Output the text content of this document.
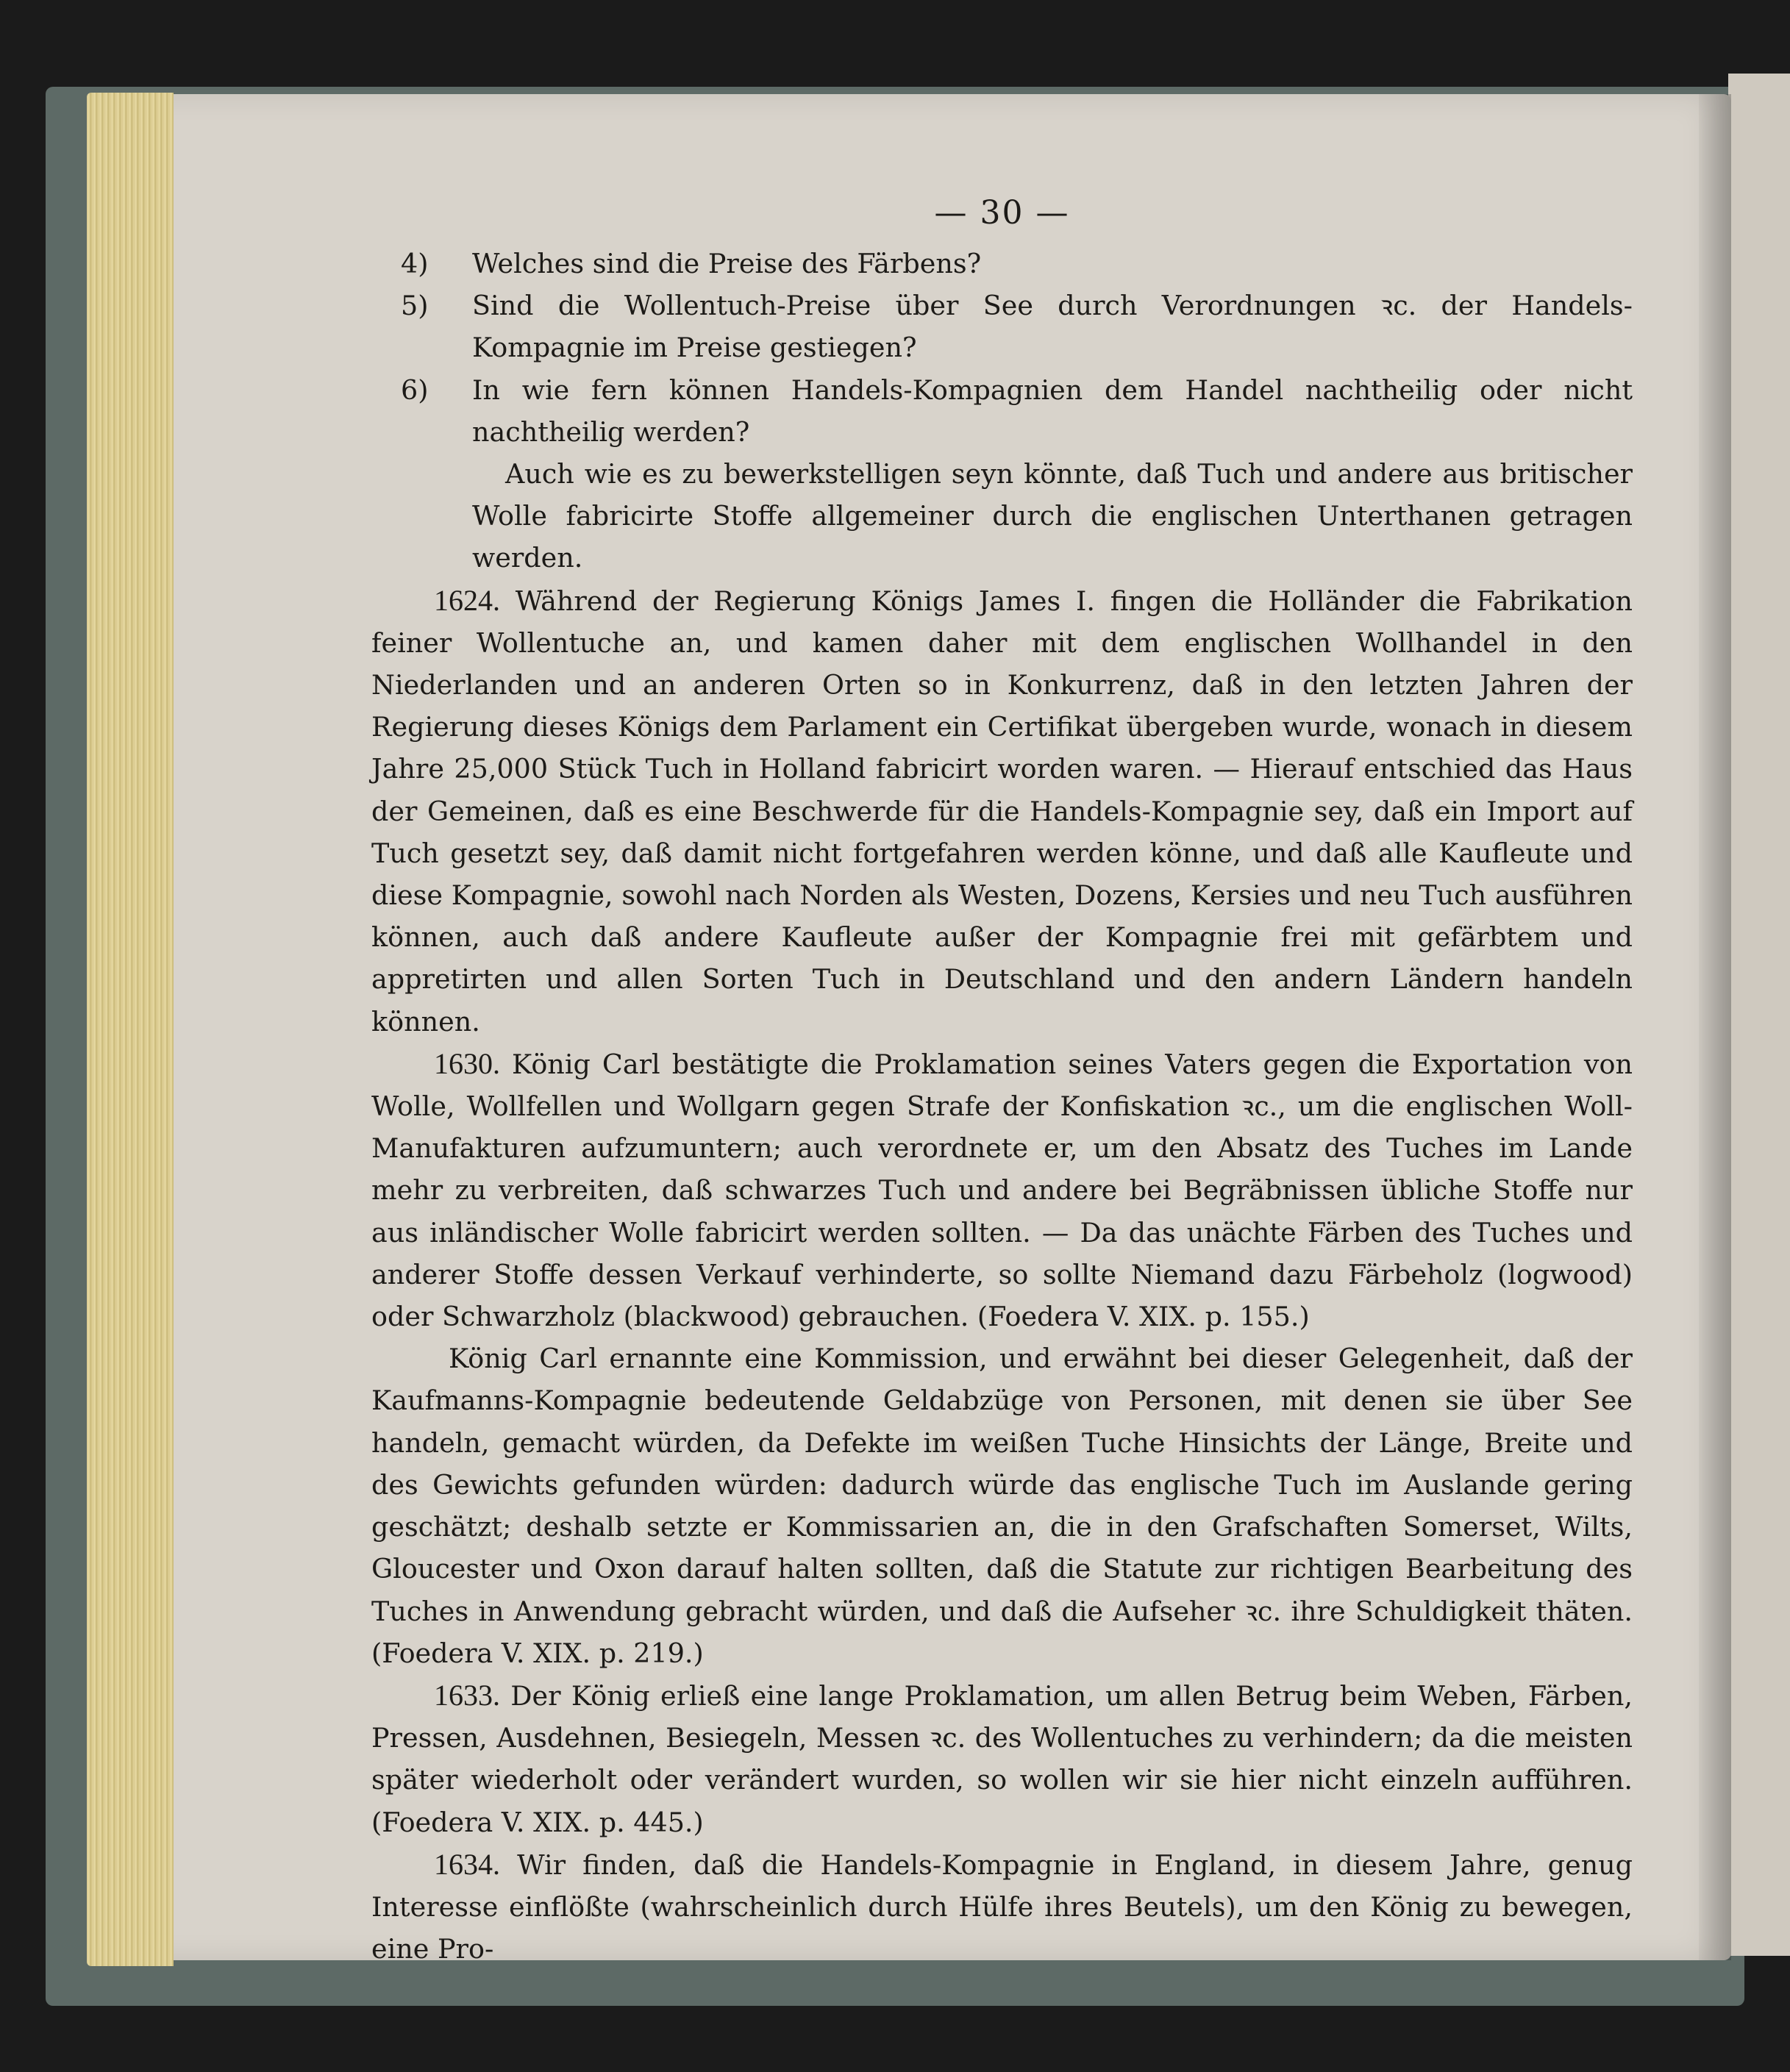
— 30 —
4) Welches sind die Preise des Färbens?
5) Sind die Wollentuch-Preise über See durch Verordnungen ꝛc. der Handels-Kompagnie im Preise gestiegen?
6) In wie fern können Handels-Kompagnien dem Handel nachtheilig oder nicht nachtheilig werden?
Auch wie es zu bewerkstelligen seyn könnte, daß Tuch und andere aus britischer Wolle fabricirte Stoffe allgemeiner durch die englischen Unterthanen getragen werden.
1624. Während der Regierung Königs James I. fingen die Holländer die Fabrikation feiner Wollentuche an, und kamen daher mit dem englischen Wollhandel in den Niederlanden und an anderen Orten so in Konkurrenz, daß in den letzten Jahren der Regierung dieses Königs dem Parlament ein Certifikat übergeben wurde, wonach in diesem Jahre 25,000 Stück Tuch in Holland fabricirt worden waren. — Hierauf entschied das Haus der Gemeinen, daß es eine Beschwerde für die Handels-Kompagnie sey, daß ein Import auf Tuch gesetzt sey, daß damit nicht fortgefahren werden könne, und daß alle Kaufleute und diese Kompagnie, sowohl nach Norden als Westen, Dozens, Kersies und neu Tuch ausführen können, auch daß andere Kaufleute außer der Kompagnie frei mit gefärbtem und appretirten und allen Sorten Tuch in Deutschland und den andern Ländern handeln können.
1630. König Carl bestätigte die Proklamation seines Vaters gegen die Exportation von Wolle, Wollfellen und Wollgarn gegen Strafe der Konfiskation ꝛc., um die englischen Woll-Manufakturen aufzumuntern; auch verordnete er, um den Absatz des Tuches im Lande mehr zu verbreiten, daß schwarzes Tuch und andere bei Begräbnissen übliche Stoffe nur aus inländischer Wolle fabricirt werden sollten. — Da das unächte Färben des Tuches und anderer Stoffe dessen Verkauf verhinderte, so sollte Niemand dazu Färbeholz (logwood) oder Schwarzholz (blackwood) gebrauchen. (Foedera V. XIX. p. 155.)
König Carl ernannte eine Kommission, und erwähnt bei dieser Gelegenheit, daß der Kaufmanns-Kompagnie bedeutende Geldabzüge von Personen, mit denen sie über See handeln, gemacht würden, da Defekte im weißen Tuche Hinsichts der Länge, Breite und des Gewichts gefunden würden: dadurch würde das englische Tuch im Auslande gering geschätzt; deshalb setzte er Kommissarien an, die in den Grafschaften Somerset, Wilts, Gloucester und Oxon darauf halten sollten, daß die Statute zur richtigen Bearbeitung des Tuches in Anwendung gebracht würden, und daß die Aufseher ꝛc. ihre Schuldigkeit thäten. (Foedera V. XIX. p. 219.)
1633. Der König erließ eine lange Proklamation, um allen Betrug beim Weben, Färben, Pressen, Ausdehnen, Besiegeln, Messen ꝛc. des Wollentuches zu verhindern; da die meisten später wiederholt oder verändert wurden, so wollen wir sie hier nicht einzeln aufführen. (Foedera V. XIX. p. 445.)
1634. Wir finden, daß die Handels-Kompagnie in England, in diesem Jahre, genug Interesse einflößte (wahrscheinlich durch Hülfe ihres Beutels), um den König zu bewegen, eine Pro-
